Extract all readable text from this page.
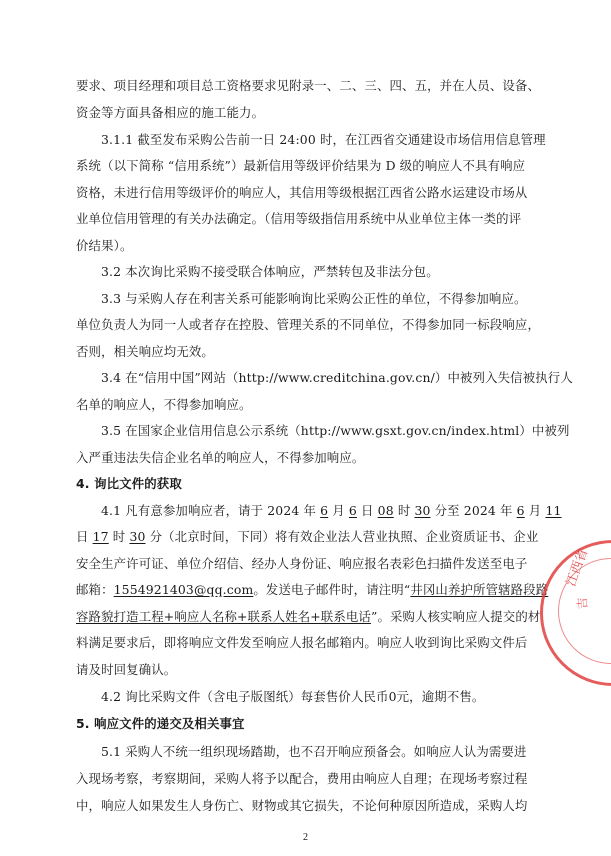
要求、项目经理和项目总工资格要求见附录一、二、三、四、五，并在人员、设备、
资金等方面具备相应的施工能力。
3.1.1 截至发布采购公告前一日 24:00 时，在江西省交通建设市场信用信息管理
系统（以下简称 “信用系统”）最新信用等级评价结果为 D 级的响应人不具有响应
资格，未进行信用等级评价的响应人，其信用等级根据江西省公路水运建设市场从
业单位信用管理的有关办法确定。（信用等级指信用系统中从业单位主体一类的评
价结果）。
3.2 本次询比采购不接受联合体响应，严禁转包及非法分包。
3.3 与采购人存在利害关系可能影响询比采购公正性的单位，不得参加响应。
单位负责人为同一人或者存在控股、管理关系的不同单位，不得参加同一标段响应，
否则，相关响应均无效。
3.4 在“信用中国”网站（http://www.creditchina.gov.cn/）中被列入失信被执行人
名单的响应人，不得参加响应。
3.5 在国家企业信用信息公示系统（http://www.gsxt.gov.cn/index.html）中被列
入严重违法失信企业名单的响应人，不得参加响应。
4. 询比文件的获取
4.1 凡有意参加响应者，请于 2024 年 6 月 6 日 08 时 30 分至 2024 年 6 月 11
日 17 时 30 分（北京时间，下同）将有效企业法人营业执照、企业资质证书、企业
安全生产许可证、单位介绍信、经办人身份证、响应报名表彩色扫描件发送至电子
邮箱：1554921403@qq.com。发送电子邮件时，请注明“井冈山养护所管辖路段路
容路貌打造工程+响应人名称+联系人姓名+联系电话”。采购人核实响应人提交的材
料满足要求后，即将响应文件发至响应人报名邮箱内。响应人收到询比采购文件后
请及时回复确认。
4.2 询比采购文件（含电子版图纸）每套售价人民币0元，逾期不售。
5. 响应文件的递交及相关事宜
5.1 采购人不统一组织现场踏勘，也不召开响应预备会。如响应人认为需要进
入现场考察，考察期间，采购人将予以配合，费用由响应人自理；在现场考察过程
中，响应人如果发生人身伤亡、财物或其它损失，不论何种原因所造成，采购人均
2
江西省
吉
